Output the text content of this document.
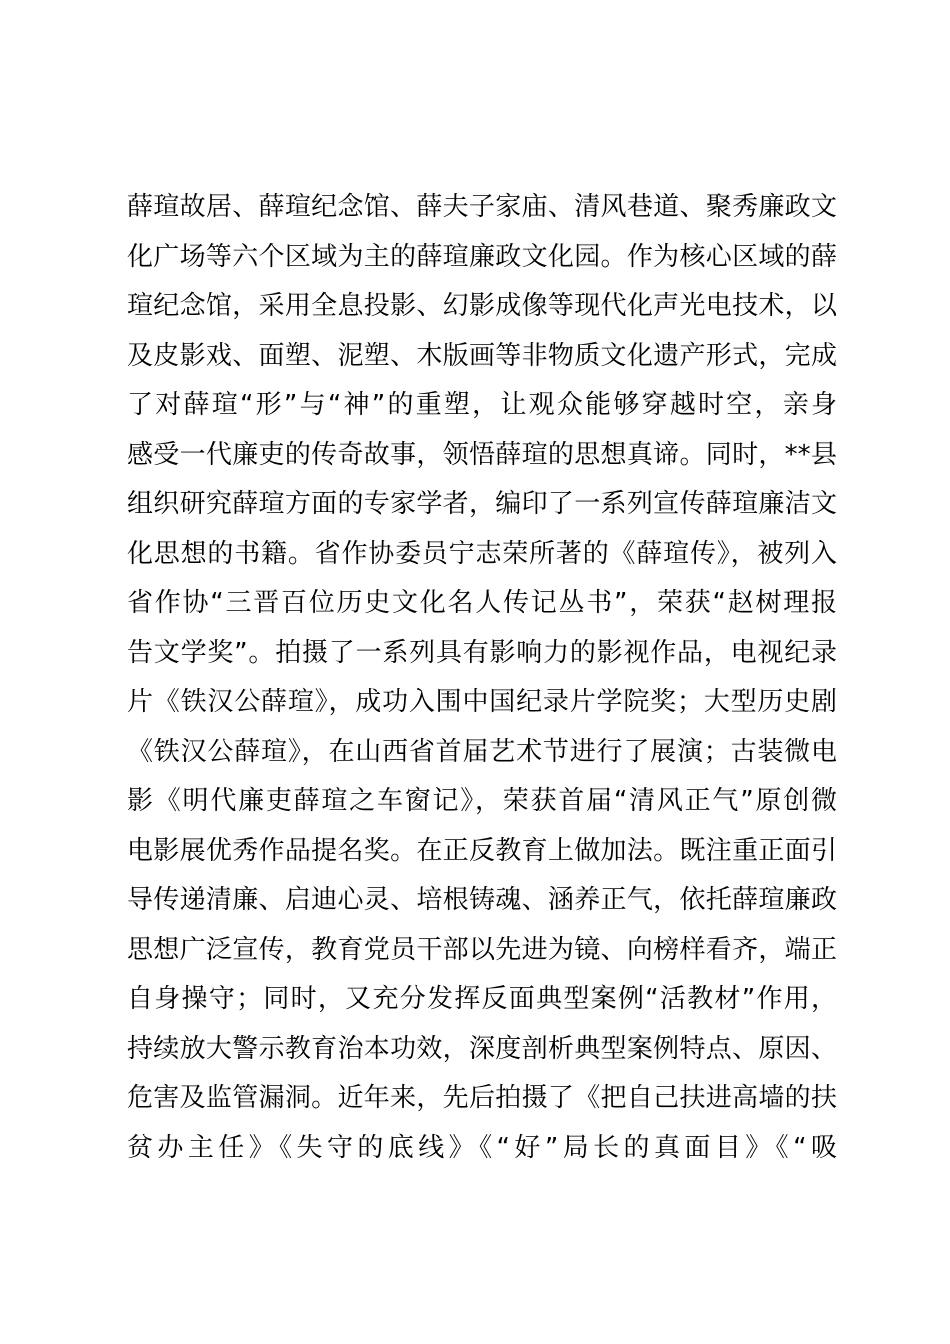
薛瑄故居、薛瑄纪念馆、薛夫子家庙、清风巷道、聚秀廉政文
化广场等六个区域为主的薛瑄廉政文化园。作为核心区域的薛
瑄纪念馆，采用全息投影、幻影成像等现代化声光电技术，以
及皮影戏、面塑、泥塑、木版画等非物质文化遗产形式，完成
了对薛瑄“形”与“神”的重塑，让观众能够穿越时空，亲身
感受一代廉吏的传奇故事，领悟薛瑄的思想真谛。同时，**县
组织研究薛瑄方面的专家学者，编印了一系列宣传薛瑄廉洁文
化思想的书籍。省作协委员宁志荣所著的《薛瑄传》，被列入
省作协“三晋百位历史文化名人传记丛书”，荣获“赵树理报
告文学奖”。拍摄了一系列具有影响力的影视作品，电视纪录
片《铁汉公薛瑄》，成功入围中国纪录片学院奖；大型历史剧
《铁汉公薛瑄》，在山西省首届艺术节进行了展演；古装微电
影《明代廉吏薛瑄之车窗记》，荣获首届“清风正气”原创微
电影展优秀作品提名奖。在正反教育上做加法。既注重正面引
导传递清廉、启迪心灵、培根铸魂、涵养正气，依托薛瑄廉政
思想广泛宣传，教育党员干部以先进为镜、向榜样看齐，端正
自身操守；同时，又充分发挥反面典型案例“活教材”作用，
持续放大警示教育治本功效，深度剖析典型案例特点、原因、
危害及监管漏洞。近年来，先后拍摄了《把自己扶进高墙的扶
贫办主任》《失守的底线》《“好”局长的真面目》《“吸
